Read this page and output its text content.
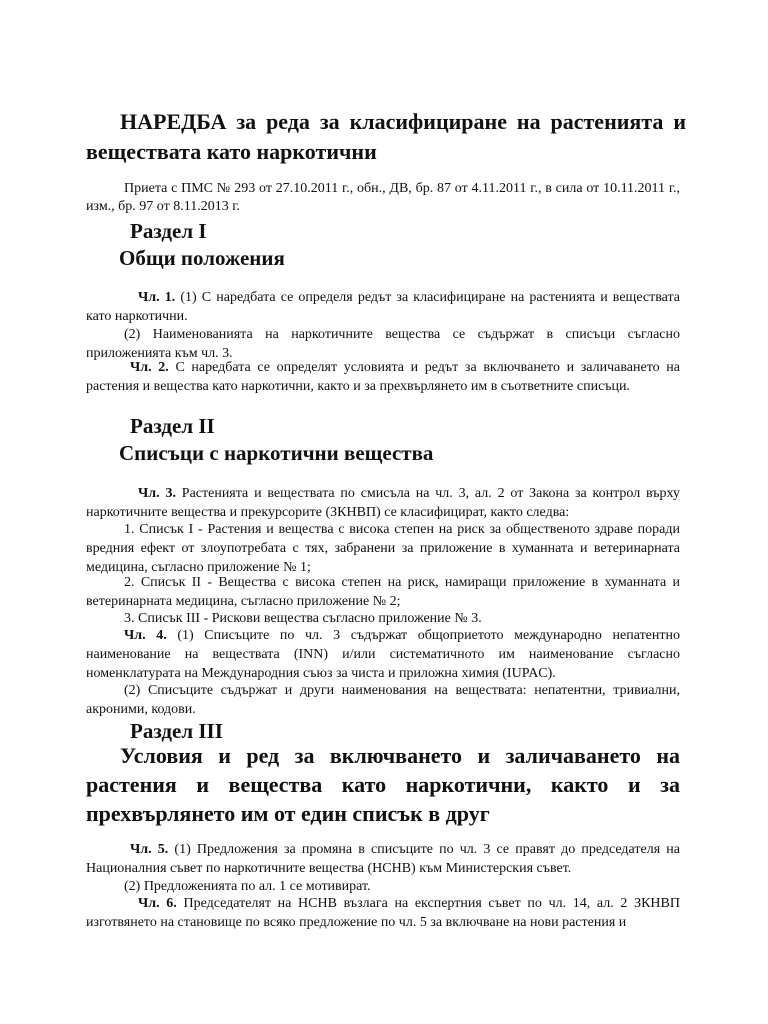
НАРЕДБА за реда за класифициране на растенията и веществата като наркотични

Приета с ПМС № 293 от 27.10.2011 г., обн., ДВ, бр. 87 от 4.11.2011 г., в сила от 10.11.2011 г., изм., бр. 97 от 8.11.2013 г.

Раздел I

Общи положения

Чл. 1. (1) С наредбата се определя редът за класифициране на растенията и веществата като наркотични.

(2) Наименованията на наркотичните вещества се съдържат в списъци съгласно приложенията към чл. 3.

Чл. 2. С наредбата се определят условията и редът за включването и заличаването на растения и вещества като наркотични, както и за прехвърлянето им в съответните списъци.

Раздел II

Списъци с наркотични вещества

Чл. 3. Растенията и веществата по смисъла на чл. 3, ал. 2 от Закона за контрол върху наркотичните вещества и прекурсорите (ЗКНВП) се класифицират, както следва:

1. Списък I - Растения и вещества с висока степен на риск за общественото здраве поради вредния ефект от злоупотребата с тях, забранени за приложение в хуманната и ветеринарната медицина, съгласно приложение № 1;

2. Списък II - Вещества с висока степен на риск, намиращи приложение в хуманната и ветеринарната медицина, съгласно приложение № 2;

3. Списък III - Рискови вещества съгласно приложение № 3.

Чл. 4. (1) Списъците по чл. 3 съдържат общоприетото международно непатентно наименование на веществата (INN) и/или систематичното им наименование съгласно номенклатурата на Международния съюз за чиста и приложна химия (IUPAC).

(2) Списъците съдържат и други наименования на веществата: непатентни, тривиални, акроними, кодови.

Раздел III

Условия и ред за включването и заличаването на растения и вещества като наркотични, както и за прехвърлянето им от един списък в друг

Чл. 5. (1) Предложения за промяна в списъците по чл. 3 се правят до председателя на Националния съвет по наркотичните вещества (НСНВ) към Министерския съвет.

(2) Предложенията по ал. 1 се мотивират.

Чл. 6. Председателят на НСНВ възлага на експертния съвет по чл. 14, ал. 2 ЗКНВП изготвянето на становище по всяко предложение по чл. 5 за включване на нови растения и
